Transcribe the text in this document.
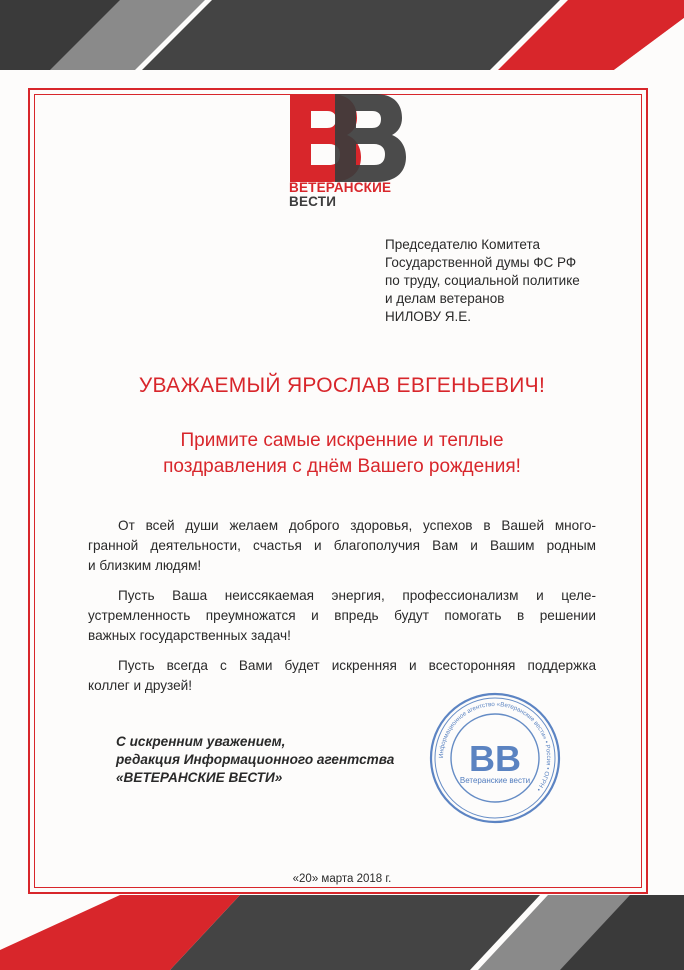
ВЕТЕРАНСКИЕ
ВЕСТИ
Председателю Комитета
Государственной думы ФС РФ
по труду, социальной политике
и делам ветеранов
НИЛОВУ Я.Е.
УВАЖАЕМЫЙ ЯРОСЛАВ ЕВГЕНЬЕВИЧ!
Примите самые искренние и теплые
поздравления с днём Вашего рождения!
От всей души желаем доброго здоровья, успехов в Вашей много-
гранной деятельности, счастья и благополучия Вам и Вашим родным
и близким людям!
Пусть Ваша неиссякаемая энергия, профессионализм и целе-
устремленность преумножатся и впредь будут помогать в решении
важных государственных задач!
Пусть всегда с Вами будет искренняя и всесторонняя поддержка
коллег и друзей!
С искренним уважением,
редакция Информационного агентства
«ВЕТЕРАНСКИЕ ВЕСТИ»
Информационное агентство «Ветеранские вести» • Россия • ОГРН •
ВВ
Ветеранские вести
«20» марта 2018 г.
